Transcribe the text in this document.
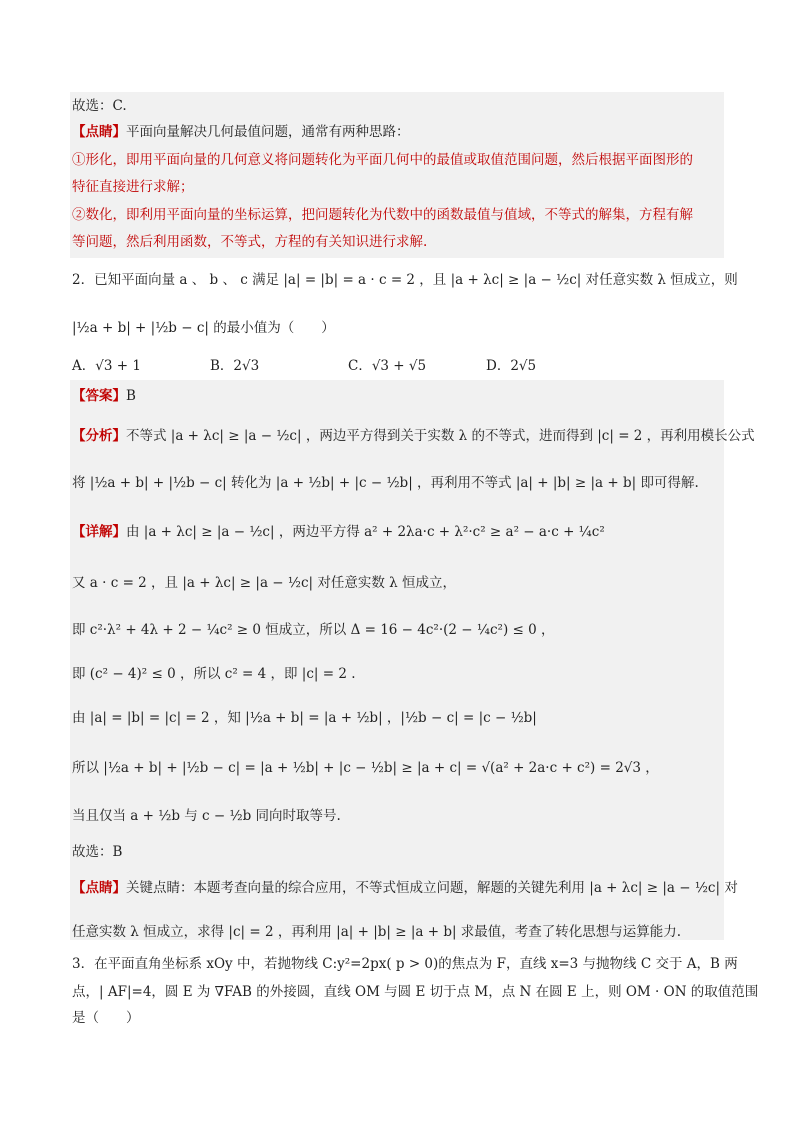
故选：C.
【点睛】平面向量解决几何最值问题，通常有两种思路：
①形化，即用平面向量的几何意义将问题转化为平面几何中的最值或取值范围问题，然后根据平面图形的
特征直接进行求解；
②数化，即利用平面向量的坐标运算，把问题转化为代数中的函数最值与值域，不等式的解集，方程有解
等问题，然后利用函数，不等式，方程的有关知识进行求解.
2．已知平面向量 a 、 b 、 c 满足 |a| = |b| = a · c = 2 ，且 |a + λc| ≥ |a − ½c| 对任意实数 λ 恒成立，则
|½a + b| + |½b − c| 的最小值为（　　）
A．√3 + 1	B．2√3	C．√3 + √5	D．2√5
【答案】B
【分析】不等式 |a + λc| ≥ |a − ½c| ，两边平方得到关于实数 λ 的不等式，进而得到 |c| = 2 ，再利用模长公式
将 |½a + b| + |½b − c| 转化为 |a + ½b| + |c − ½b| ，再利用不等式 |a| + |b| ≥ |a + b| 即可得解.
【详解】由 |a + λc| ≥ |a − ½c| ，两边平方得 a² + 2λa·c + λ²·c² ≥ a² − a·c + ¼c²
又 a · c = 2 ，且 |a + λc| ≥ |a − ½c| 对任意实数 λ 恒成立，
即 c²·λ² + 4λ + 2 − ¼c² ≥ 0 恒成立，所以 Δ = 16 − 4c²·(2 − ¼c²) ≤ 0 ，
即 (c² − 4)² ≤ 0 ，所以 c² = 4 ，即 |c| = 2 .
由 |a| = |b| = |c| = 2 ，知 |½a + b| = |a + ½b| ，|½b − c| = |c − ½b|
所以 |½a + b| + |½b − c| = |a + ½b| + |c − ½b| ≥ |a + c| = √(a² + 2a·c + c²) = 2√3 ，
当且仅当 a + ½b 与 c − ½b 同向时取等号.
故选：B
【点睛】关键点睛：本题考查向量的综合应用，不等式恒成立问题，解题的关键先利用 |a + λc| ≥ |a − ½c| 对
任意实数 λ 恒成立，求得 |c| = 2 ，再利用 |a| + |b| ≥ |a + b| 求最值，考查了转化思想与运算能力.
3．在平面直角坐标系 xOy 中，若抛物线 C:y²=2px( p > 0)的焦点为 F，直线 x=3 与抛物线 C 交于 A，B 两
点，| AF|=4，圆 E 为 ∇FAB 的外接圆，直线 OM 与圆 E 切于点 M，点 N 在圆 E 上，则 OM · ON 的取值范围
是（　　）
